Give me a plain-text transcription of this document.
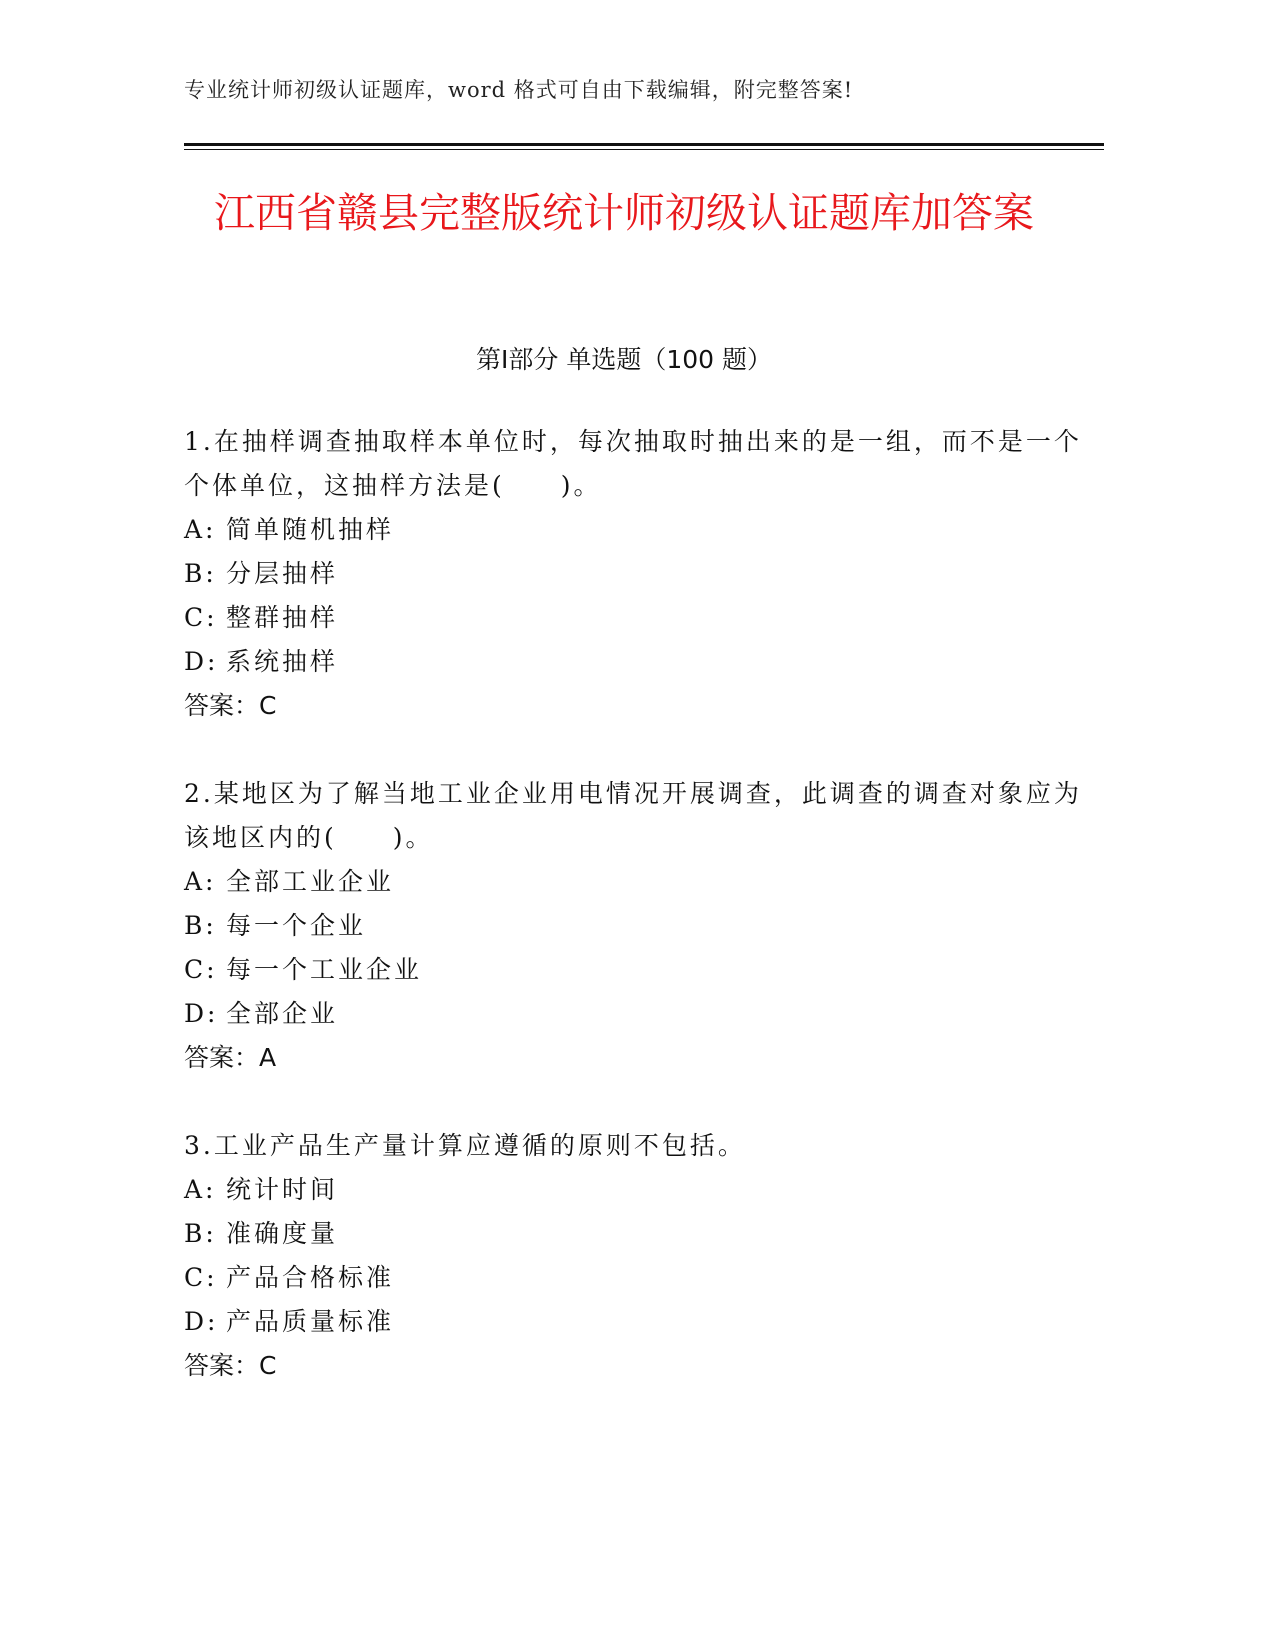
专业统计师初级认证题库，word 格式可自由下载编辑，附完整答案!
江西省赣县完整版统计师初级认证题库加答案
第Ⅰ部分 单选题（100 题）

1.在抽样调查抽取样本单位时，每次抽取时抽出来的是一组，而不是一个个体单位，这抽样方法是(　　)。

A: 简单随机抽样
B: 分层抽样
C: 整群抽样
D: 系统抽样
答案：C

2.某地区为了解当地工业企业用电情况开展调查，此调查的调查对象应为该地区内的(　　)。

A: 全部工业企业
B: 每一个企业
C: 每一个工业企业
D: 全部企业
答案：A

3.工业产品生产量计算应遵循的原则不包括。

A: 统计时间
B: 准确度量
C: 产品合格标准
D: 产品质量标准
答案：C
